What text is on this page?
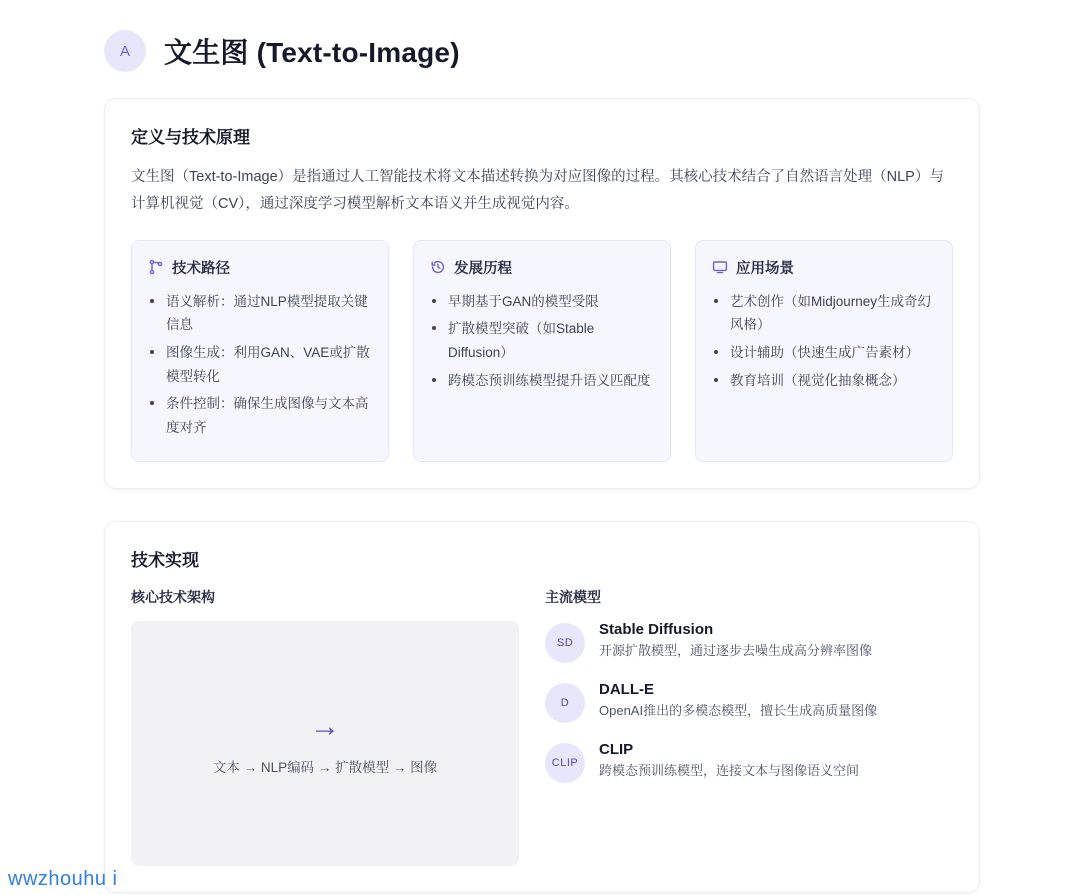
A	文生图 (Text-to-Image)
定义与技术原理
文生图（Text-to-Image）是指通过人工智能技术将文本描述转换为对应图像的过程。其核心技术结合了自然语言处理（NLP）与计算机视觉（CV），通过深度学习模型解析文本语义并生成视觉内容。
技术路径
语义解析：通过NLP模型提取关键信息
图像生成：利用GAN、VAE或扩散模型转化
条件控制：确保生成图像与文本高度对齐
发展历程
早期基于GAN的模型受限
扩散模型突破（如Stable Diffusion）
跨模态预训练模型提升语义匹配度
应用场景
艺术创作（如Midjourney生成奇幻风格）
设计辅助（快速生成广告素材）
教育培训（视觉化抽象概念）
技术实现
核心技术架构
→
文本 → NLP编码 → 扩散模型 → 图像
主流模型
SD
Stable Diffusion
开源扩散模型，通过逐步去噪生成高分辨率图像
D
DALL-E
OpenAI推出的多模态模型，擅长生成高质量图像
CLIP
CLIP
跨模态预训练模型，连接文本与图像语义空间
wwzhouhu i
